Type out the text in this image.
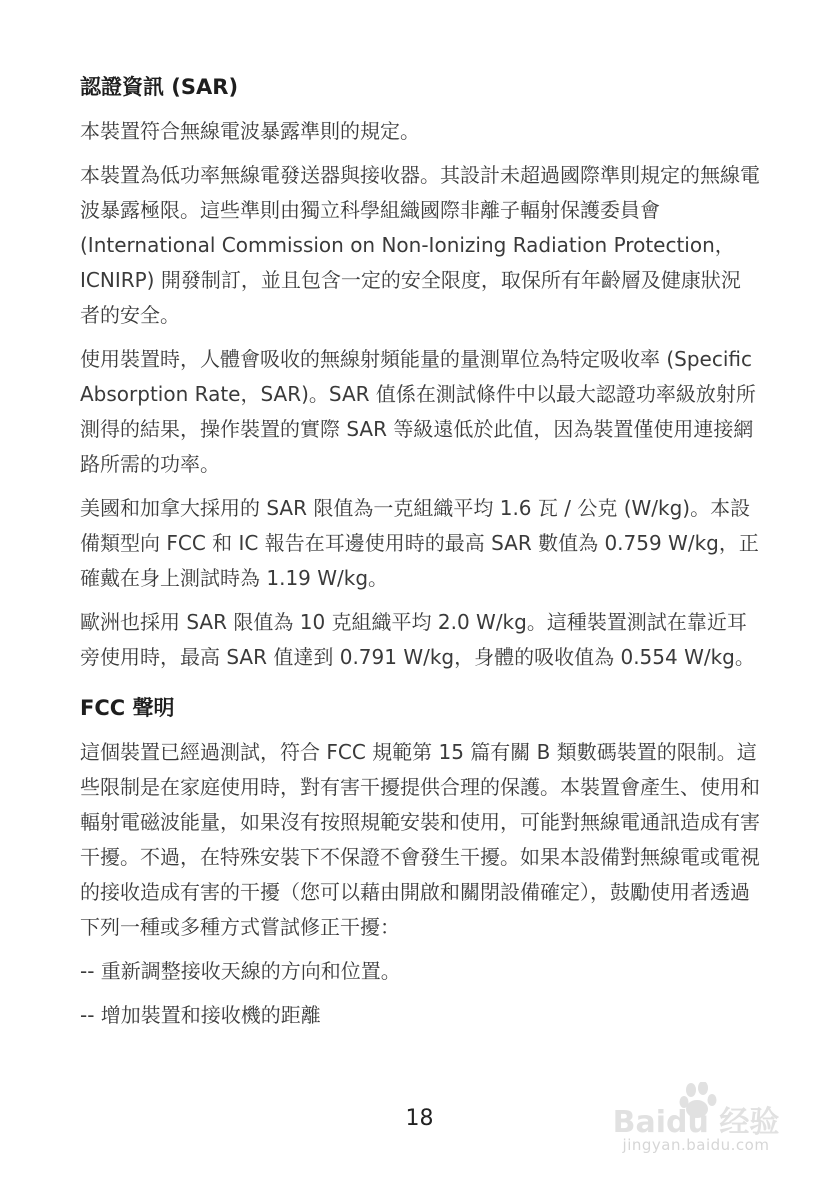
認證資訊 (SAR)

本裝置符合無線電波暴露準則的規定。

本裝置為低功率無線電發送器與接收器。其設計未超過國際準則規定的無線電波暴露極限。這些準則由獨立科學組織國際非離子輻射保護委員會 (International Commission on Non-Ionizing Radiation Protection，ICNIRP) 開發制訂，並且包含一定的安全限度，取保所有年齡層及健康狀況者的安全。

使用裝置時，人體會吸收的無線射頻能量的量測單位為特定吸收率 (Specific Absorption Rate，SAR)。SAR 值係在測試條件中以最大認證功率級放射所測得的結果，操作裝置的實際 SAR 等級遠低於此值，因為裝置僅使用連接網路所需的功率。

美國和加拿大採用的 SAR 限值為一克組織平均 1.6 瓦 / 公克 (W/kg)。本設備類型向 FCC 和 IC 報告在耳邊使用時的最高 SAR 數值為 0.759 W/kg，正確戴在身上測試時為 1.19 W/kg。

歐洲也採用 SAR 限值為 10 克組織平均 2.0 W/kg。這種裝置測試在靠近耳旁使用時，最高 SAR 值達到 0.791 W/kg，身體的吸收值為 0.554 W/kg。

FCC 聲明

這個裝置已經過測試，符合 FCC 規範第 15 篇有關 B 類數碼裝置的限制。這些限制是在家庭使用時，對有害干擾提供合理的保護。本裝置會產生、使用和輻射電磁波能量，如果沒有按照規範安裝和使用，可能對無線電通訊造成有害干擾。不過，在特殊安裝下不保證不會發生干擾。如果本設備對無線電或電視的接收造成有害的干擾（您可以藉由開啟和關閉設備確定），鼓勵使用者透過下列一種或多種方式嘗試修正干擾：

-- 重新調整接收天線的方向和位置。

-- 增加裝置和接收機的距離

18	Baidu 经验
jingyan.baidu.com
